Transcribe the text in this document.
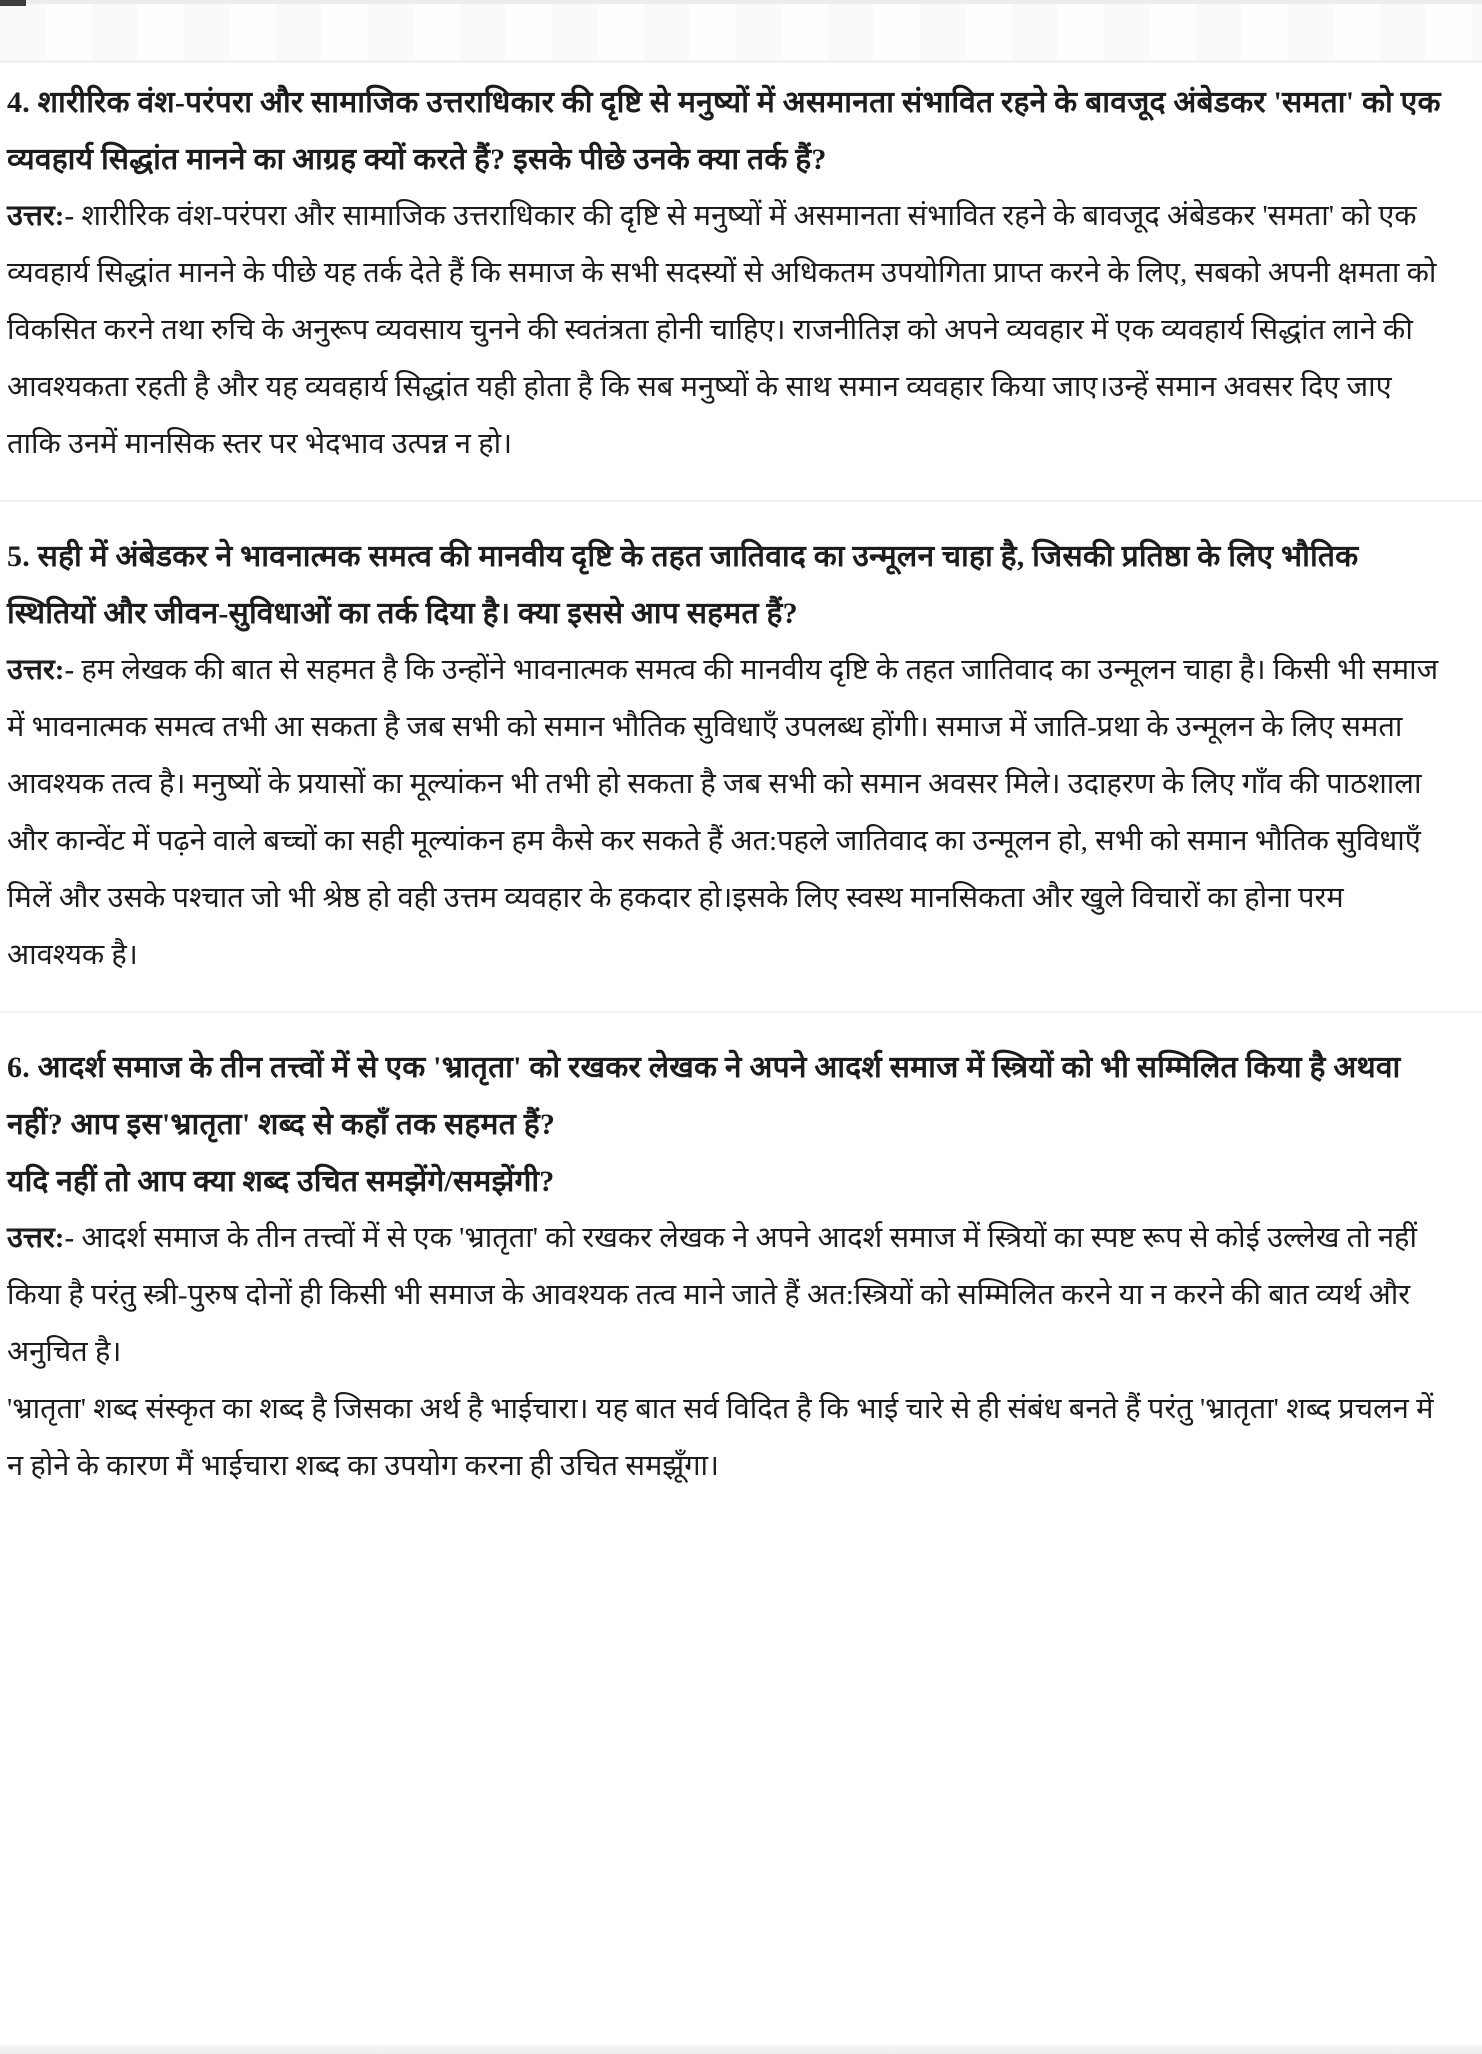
4. शारीरिक वंश-परंपरा और सामाजिक उत्तराधिकार की दृष्टि से मनुष्यों में असमानता संभावित रहने के बावजूद अंबेडकर 'समता' को एक व्यवहार्य सिद्धांत मानने का आग्रह क्यों करते हैं? इसके पीछे उनके क्या तर्क हैं?

उत्तर:- शारीरिक वंश-परंपरा और सामाजिक उत्तराधिकार की दृष्टि से मनुष्यों में असमानता संभावित रहने के बावजूद अंबेडकर 'समता' को एक व्यवहार्य सिद्धांत मानने के पीछे यह तर्क देते हैं कि समाज के सभी सदस्यों से अधिकतम उपयोगिता प्राप्त करने के लिए, सबको अपनी क्षमता को विकसित करने तथा रुचि के अनुरूप व्यवसाय चुनने की स्वतंत्रता होनी चाहिए। राजनीतिज्ञ को अपने व्यवहार में एक व्यवहार्य सिद्धांत लाने की आवश्यकता रहती है और यह व्यवहार्य सिद्धांत यही होता है कि सब मनुष्यों के साथ समान व्यवहार किया जाए।उन्हें समान अवसर दिए जाए ताकि उनमें मानसिक स्तर पर भेदभाव उत्पन्न न हो।

5. सही में अंबेडकर ने भावनात्मक समत्व की मानवीय दृष्टि के तहत जातिवाद का उन्मूलन चाहा है, जिसकी प्रतिष्ठा के लिए भौतिक स्थितियों और जीवन-सुविधाओं का तर्क दिया है। क्या इससे आप सहमत हैं?

उत्तर:- हम लेखक की बात से सहमत है कि उन्होंने भावनात्मक समत्व की मानवीय दृष्टि के तहत जातिवाद का उन्मूलन चाहा है। किसी भी समाज में भावनात्मक समत्व तभी आ सकता है जब सभी को समान भौतिक सुविधाएँ उपलब्ध होंगी। समाज में जाति-प्रथा के उन्मूलन के लिए समता आवश्यक तत्व है। मनुष्यों के प्रयासों का मूल्यांकन भी तभी हो सकता है जब सभी को समान अवसर मिले। उदाहरण के लिए गाँव की पाठशाला और कान्वेंट में पढ़ने वाले बच्चों का सही मूल्यांकन हम कैसे कर सकते हैं अत:पहले जातिवाद का उन्मूलन हो, सभी को समान भौतिक सुविधाएँ मिलें और उसके पश्चात जो भी श्रेष्ठ हो वही उत्तम व्यवहार के हकदार हो।इसके लिए स्वस्थ मानसिकता और खुले विचारों का होना परम आवश्यक है।

6. आदर्श समाज के तीन तत्त्वों में से एक 'भ्रातृता' को रखकर लेखक ने अपने आदर्श समाज में स्त्रियों को भी सम्मिलित किया है अथवा नहीं? आप इस'भ्रातृता' शब्द से कहाँ तक सहमत हैं?
यदि नहीं तो आप क्या शब्द उचित समझेंगे/समझेंगी?

उत्तर:- आदर्श समाज के तीन तत्त्वों में से एक 'भ्रातृता' को रखकर लेखक ने अपने आदर्श समाज में स्त्रियों का स्पष्ट रूप से कोई उल्लेख तो नहीं किया है परंतु स्त्री-पुरुष दोनों ही किसी भी समाज के आवश्यक तत्व माने जाते हैं अत:स्त्रियों को सम्मिलित करने या न करने की बात व्यर्थ और अनुचित है।

'भ्रातृता' शब्द संस्कृत का शब्द है जिसका अर्थ है भाईचारा। यह बात सर्व विदित है कि भाई चारे से ही संबंध बनते हैं परंतु 'भ्रातृता' शब्द प्रचलन में न होने के कारण मैं भाईचारा शब्द का उपयोग करना ही उचित समझूँगा।
